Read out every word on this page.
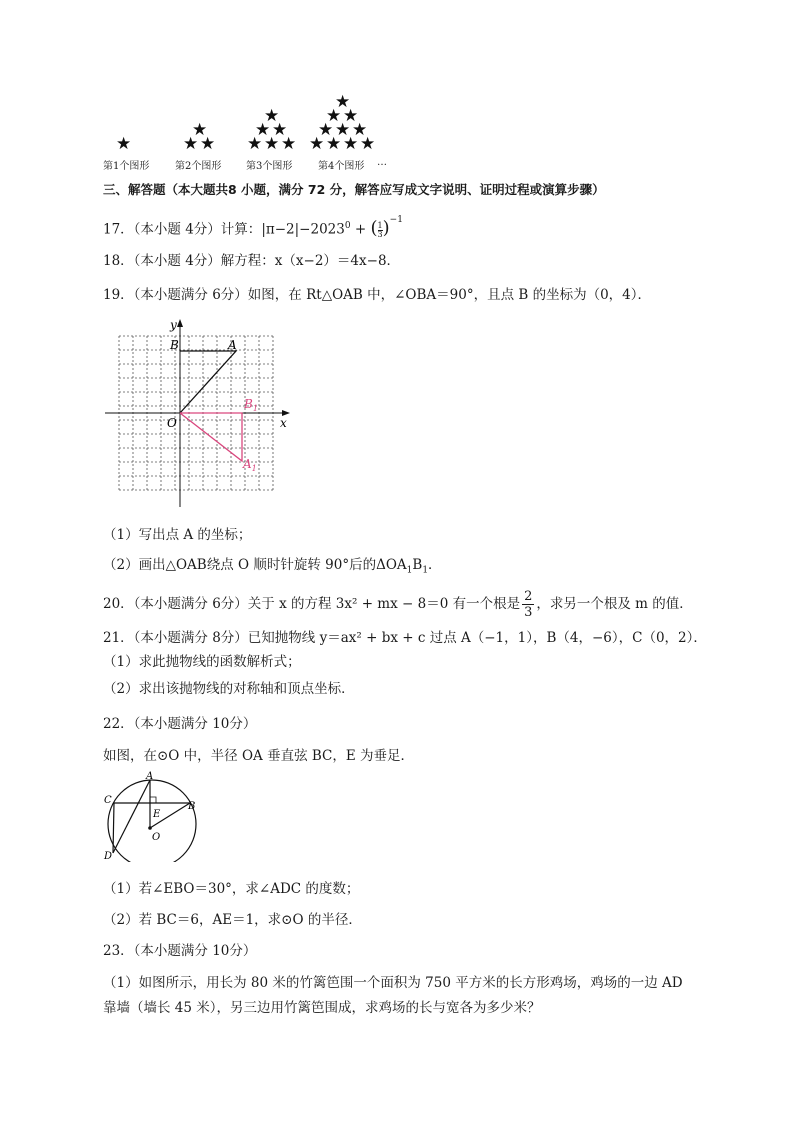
★
★
★ ★
★
★ ★
★ ★ ★
★
★ ★
★ ★ ★
★ ★ ★ ★
第1个图形	第2个图形 第3个图形	第4个图形 …
三、解答题（本大题共8 小题，满分 72 分，解答应写成文字说明、证明过程或演算步骤）
17．（本小题 4分）计算：$|\pi-2|-2023^0$ + ( $\frac{1}{3} )^{-1}$
18．（本小题 4分）解方程：x（x−2）＝4x−8．
19．（本小题满分 6分）如图，在 Rt△OAB 中，∠OBA＝90°，且点 B 的坐标为（0，4）．
y
x
O
B	A
$B_1$
$A_1$
（1）写出点 A 的坐标；
（2）画出△OAB绕点 O 顺时针旋转 90°后的$\Delta OA_1B_1$．
20．（本小题满分 6分）关于 x 的方程 3x² + mx − 8＝0 有一个根是 $\frac{2}{3}$ ，求另一个根及 m 的值．
21．（本小题满分 8分）已知抛物线 y＝ax² + bx + c 过点 A（−1，1），B（4，−6），C（0，2）．
（1）求此抛物线的函数解析式；
（2）求出该抛物线的对称轴和顶点坐标．
22．（本小题满分 10分）
如图，在⊙O 中，半径 OA 垂直弦 BC，E 为垂足．
A
B
C
D
E
O
（1）若∠EBO＝30°，求∠ADC 的度数；
（2）若 BC＝6，AE＝1，求⊙O 的半径．
23．（本小题满分 10分）
（1）如图所示，用长为 80 米的竹篱笆围一个面积为 750 平方米的长方形鸡场，鸡场的一边 AD
靠墙（墙长 45 米），另三边用竹篱笆围成，求鸡场的长与宽各为多少米？
